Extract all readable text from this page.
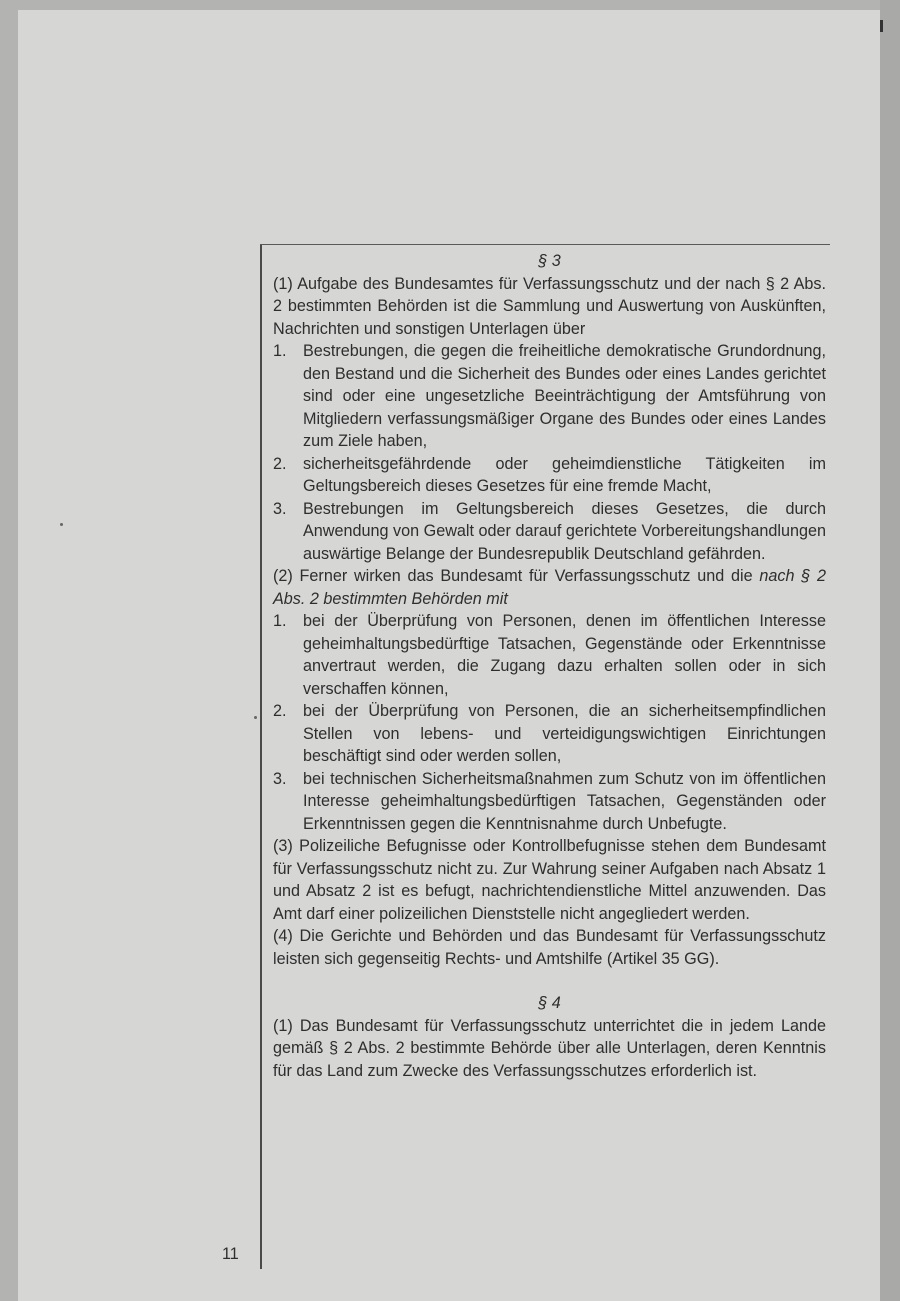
§ 3

(1) Aufgabe des Bundesamtes für Verfassungsschutz und der nach § 2 Abs. 2 bestimmten Behörden ist die Sammlung und Auswertung von Auskünften, Nachrichten und sonstigen Unterlagen über

1.	Bestrebungen, die gegen die freiheitliche demokratische Grundordnung, den Bestand und die Sicherheit des Bundes oder eines Landes gerichtet sind oder eine ungesetzliche Beeinträchtigung der Amtsführung von Mitgliedern verfassungsmäßiger Organe des Bundes oder eines Landes zum Ziele haben,
2.	sicherheitsgefährdende oder geheimdienstliche Tätigkeiten im Geltungsbereich dieses Gesetzes für eine fremde Macht,
3.	Bestrebungen im Geltungsbereich dieses Gesetzes, die durch Anwendung von Gewalt oder darauf gerichtete Vorbereitungshandlungen auswärtige Belange der Bundesrepublik Deutschland gefährden.

(2) Ferner wirken das Bundesamt für Verfassungsschutz und die nach § 2 Abs. 2 bestimmten Behörden mit

1.	bei der Überprüfung von Personen, denen im öffentlichen Interesse geheimhaltungsbedürftige Tatsachen, Gegenstände oder Erkenntnisse anvertraut werden, die Zugang dazu erhalten sollen oder in sich verschaffen können,
2.	bei der Überprüfung von Personen, die an sicherheitsempfindlichen Stellen von lebens- und verteidigungswichtigen Einrichtungen beschäftigt sind oder werden sollen,
3.	bei technischen Sicherheitsmaßnahmen zum Schutz von im öffentlichen Interesse geheimhaltungsbedürftigen Tatsachen, Gegenständen oder Erkenntnissen gegen die Kenntnisnahme durch Unbefugte.

(3) Polizeiliche Befugnisse oder Kontrollbefugnisse stehen dem Bundesamt für Verfassungsschutz nicht zu. Zur Wahrung seiner Aufgaben nach Absatz 1 und Absatz 2 ist es befugt, nachrichtendienstliche Mittel anzuwenden. Das Amt darf einer polizeilichen Dienststelle nicht angegliedert werden.

(4) Die Gerichte und Behörden und das Bundesamt für Verfassungsschutz leisten sich gegenseitig Rechts- und Amtshilfe (Artikel 35 GG).

§ 4

(1) Das Bundesamt für Verfassungsschutz unterrichtet die in jedem Lande gemäß § 2 Abs. 2 bestimmte Behörde über alle Unterlagen, deren Kenntnis für das Land zum Zwecke des Verfassungsschutzes erforderlich ist.

11
